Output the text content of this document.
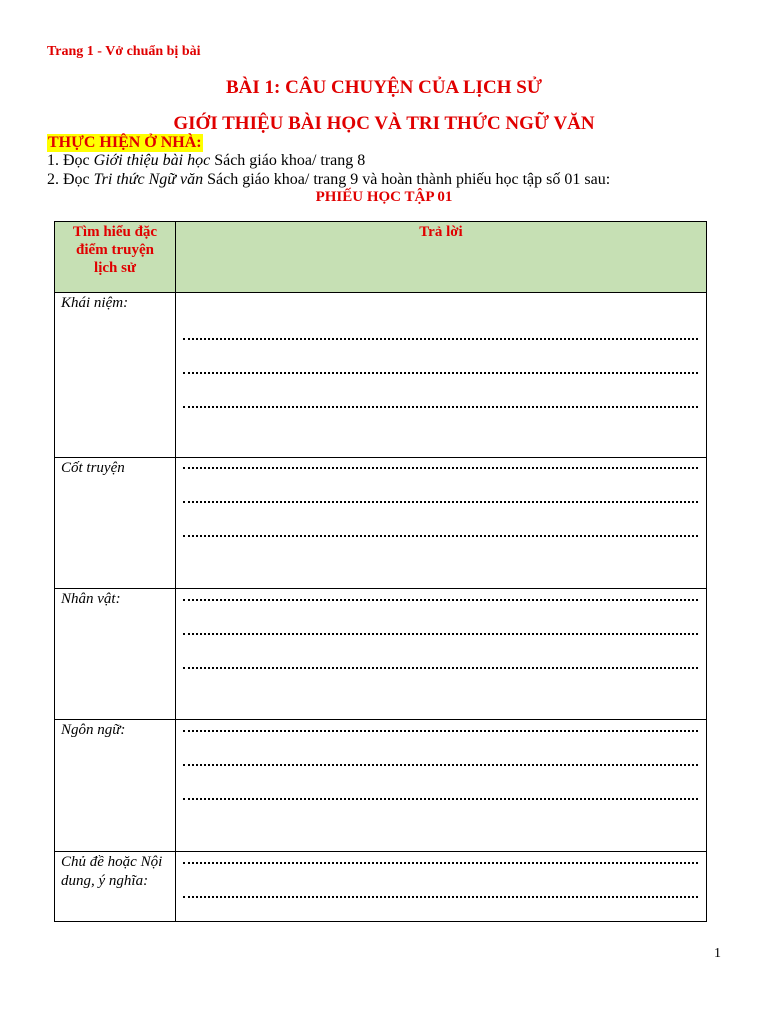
Trang 1 - Vở chuẩn bị bài
BÀI 1: CÂU CHUYỆN CỦA LỊCH SỬ
GIỚI THIỆU BÀI HỌC VÀ TRI THỨC NGỮ VĂN
THỰC HIỆN Ở NHÀ:
1. Đọc Giới thiệu bài học Sách giáo khoa/ trang 8
2. Đọc Tri thức Ngữ văn Sách giáo khoa/ trang 9 và hoàn thành phiếu học tập số 01 sau:
PHIẾU HỌC TẬP 01
Tìm hiểu đặc điểm truyện lịch sử	Trả lời

Khái niệm:	

Cốt truyện	

Nhân vật:	

Ngôn ngữ:	

Chủ đề hoặc Nội dung, ý nghĩa:	

1
